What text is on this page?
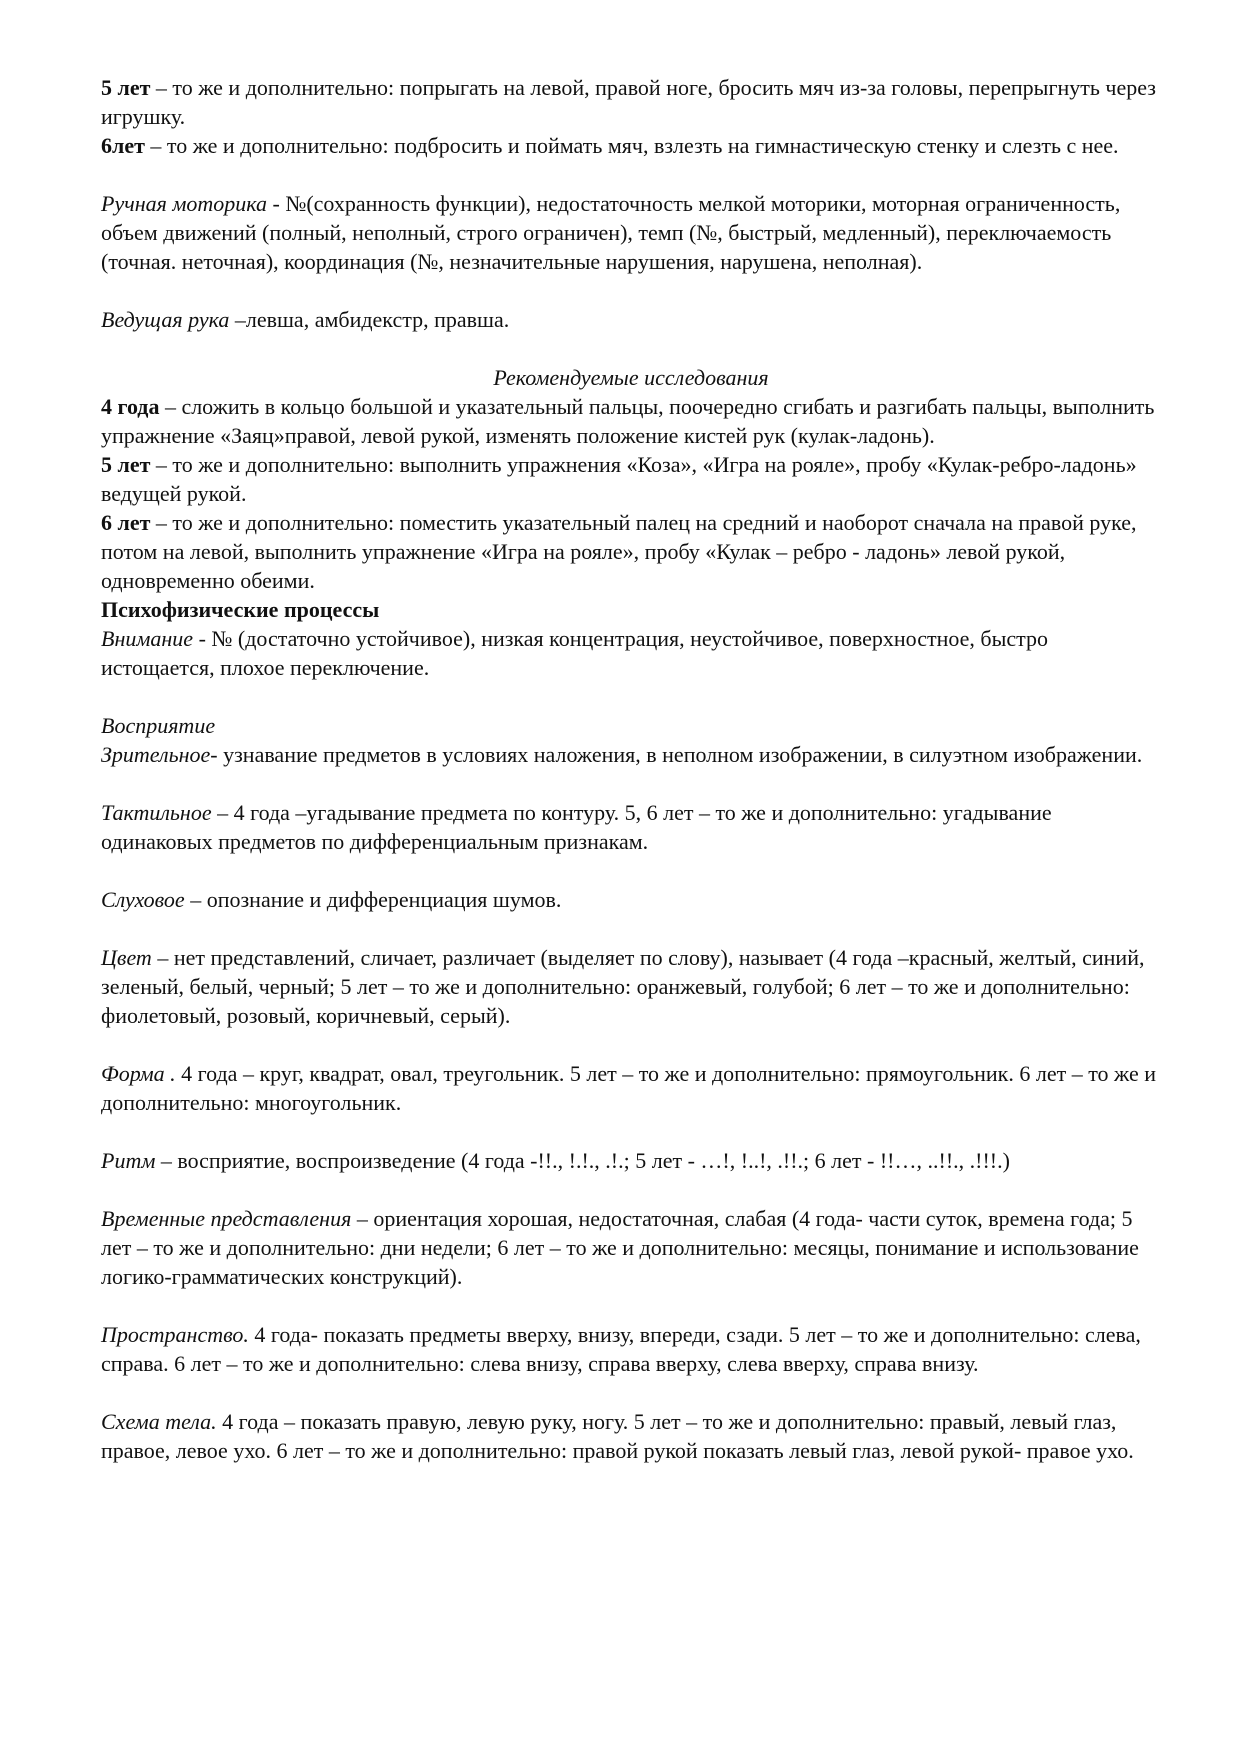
5 лет – то же и дополнительно: попрыгать на левой, правой ноге, бросить мяч из-за головы, перепрыгнуть через игрушку.

6лет – то же и дополнительно: подбросить и поймать мяч, взлезть на гимнастическую стенку и слезть с нее.

Ручная моторика - №(сохранность функции), недостаточность мелкой моторики, моторная ограниченность, объем движений (полный, неполный, строго ограничен), темп (№, быстрый, медленный), переключаемость (точная. неточная), координация (№, незначительные нарушения, нарушена, неполная).

Ведущая рука –левша, амбидекстр, правша.

Рекомендуемые исследования

4 года – сложить в кольцо большой и указательный пальцы, поочередно сгибать и разгибать пальцы, выполнить упражнение «Заяц»правой, левой рукой, изменять положение кистей рук (кулак-ладонь).

5 лет – то же и дополнительно: выполнить упражнения «Коза», «Игра на рояле», пробу «Кулак-ребро-ладонь» ведущей рукой.

6 лет – то же и дополнительно: поместить указательный палец на средний и наоборот сначала на правой руке, потом на левой, выполнить упражнение «Игра на рояле», пробу «Кулак – ребро - ладонь» левой рукой, одновременно обеими.

Психофизические процессы

Внимание - № (достаточно устойчивое), низкая концентрация, неустойчивое, поверхностное, быстро истощается, плохое переключение.

Восприятие

Зрительное- узнавание предметов в условиях наложения, в неполном изображении, в силуэтном изображении.

Тактильное – 4 года –угадывание предмета по контуру. 5, 6 лет – то же и дополнительно: угадывание одинаковых предметов по дифференциальным признакам.

Слуховое – опознание и дифференциация шумов.

Цвет – нет представлений, сличает, различает (выделяет по слову), называет (4 года –красный, желтый, синий, зеленый, белый, черный; 5 лет – то же и дополнительно: оранжевый, голубой; 6 лет – то же и дополнительно: фиолетовый, розовый, коричневый, серый).

Форма . 4 года – круг, квадрат, овал, треугольник. 5 лет – то же и дополнительно: прямоугольник. 6 лет – то же и дополнительно: многоугольник.

Ритм – восприятие, воспроизведение (4 года -!!., !.!., .!.; 5 лет - …!, !..!, .!!.; 6 лет - !!…, ..!!., .!!!.)

Временные представления – ориентация хорошая, недостаточная, слабая (4 года- части суток, времена года; 5 лет – то же и дополнительно: дни недели; 6 лет – то же и дополнительно: месяцы, понимание и использование логико-грамматических конструкций).

Пространство. 4 года- показать предметы вверху, внизу, впереди, сзади. 5 лет – то же и дополнительно: слева, справа. 6 лет – то же и дополнительно: слева внизу, справа вверху, слева вверху, справа внизу.

Схема тела. 4 года – показать правую, левую руку, ногу. 5 лет – то же и дополнительно: правый, левый глаз, правое, левое ухо. 6 лет – то же и дополнительно: правой рукой показать левый глаз, левой рукой- правое ухо.
